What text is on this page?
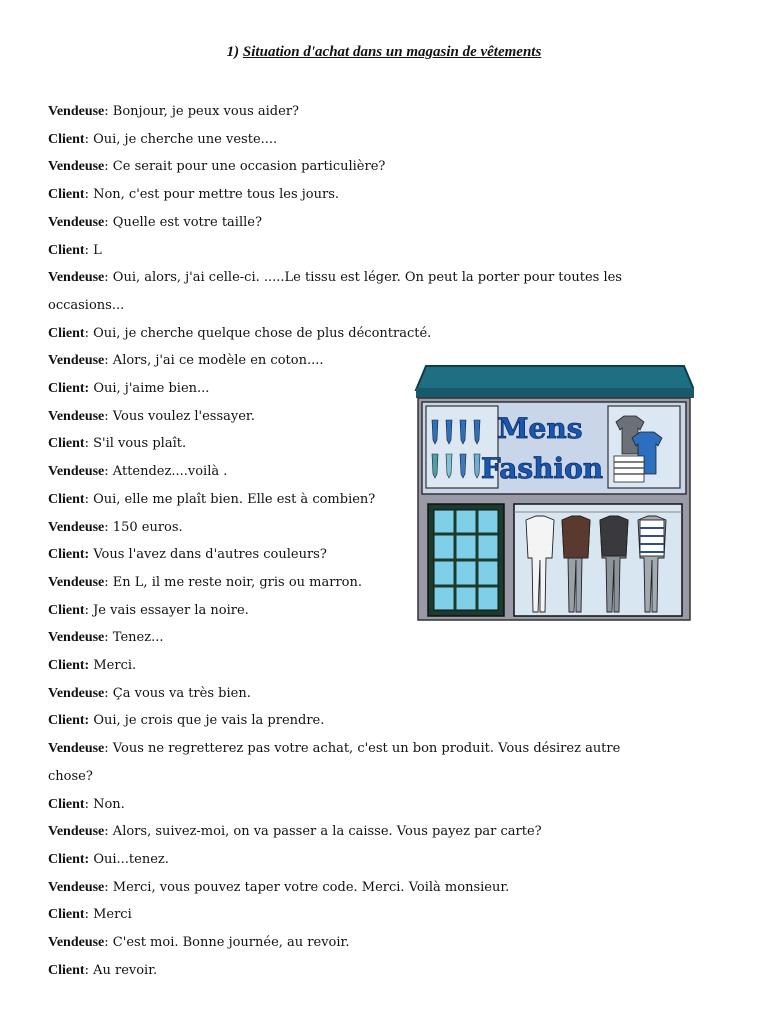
1) Situation d'achat dans un magasin de vêtements
Vendeuse: Bonjour, je peux vous aider?
Client: Oui, je cherche une veste....
Vendeuse: Ce serait pour une occasion particulière?
Client: Non, c'est pour mettre tous les jours.
Vendeuse: Quelle est votre taille?
Client: L
Vendeuse: Oui, alors, j'ai celle-ci. .....Le tissu est léger. On peut la porter pour toutes les occasions...
Client: Oui, je cherche quelque chose de plus décontracté.
Vendeuse: Alors, j'ai ce modèle en coton....
Client: Oui, j'aime bien...
Vendeuse: Vous voulez l'essayer.
Client: S'il vous plaît.
Vendeuse: Attendez....voilà .
Client: Oui, elle me plaît bien. Elle est à combien?
Vendeuse: 150 euros.
Client: Vous l'avez dans d'autres couleurs?
Vendeuse: En L, il me reste noir, gris ou marron.
Client: Je vais essayer la noire.
Vendeuse: Tenez...
Client: Merci.
Vendeuse: Ça vous va très bien.
Client: Oui, je crois que je vais la prendre.
Vendeuse: Vous ne regretterez pas votre achat, c'est un bon produit. Vous désirez autre chose?
Client: Non.
Vendeuse: Alors, suivez-moi, on va passer a la caisse. Vous payez par carte?
Client: Oui...tenez.
Vendeuse: Merci, vous pouvez taper votre code. Merci. Voilà monsieur.
Client: Merci
Vendeuse: C'est moi. Bonne journée, au revoir.
Client: Au revoir.
Mens
Fashion
